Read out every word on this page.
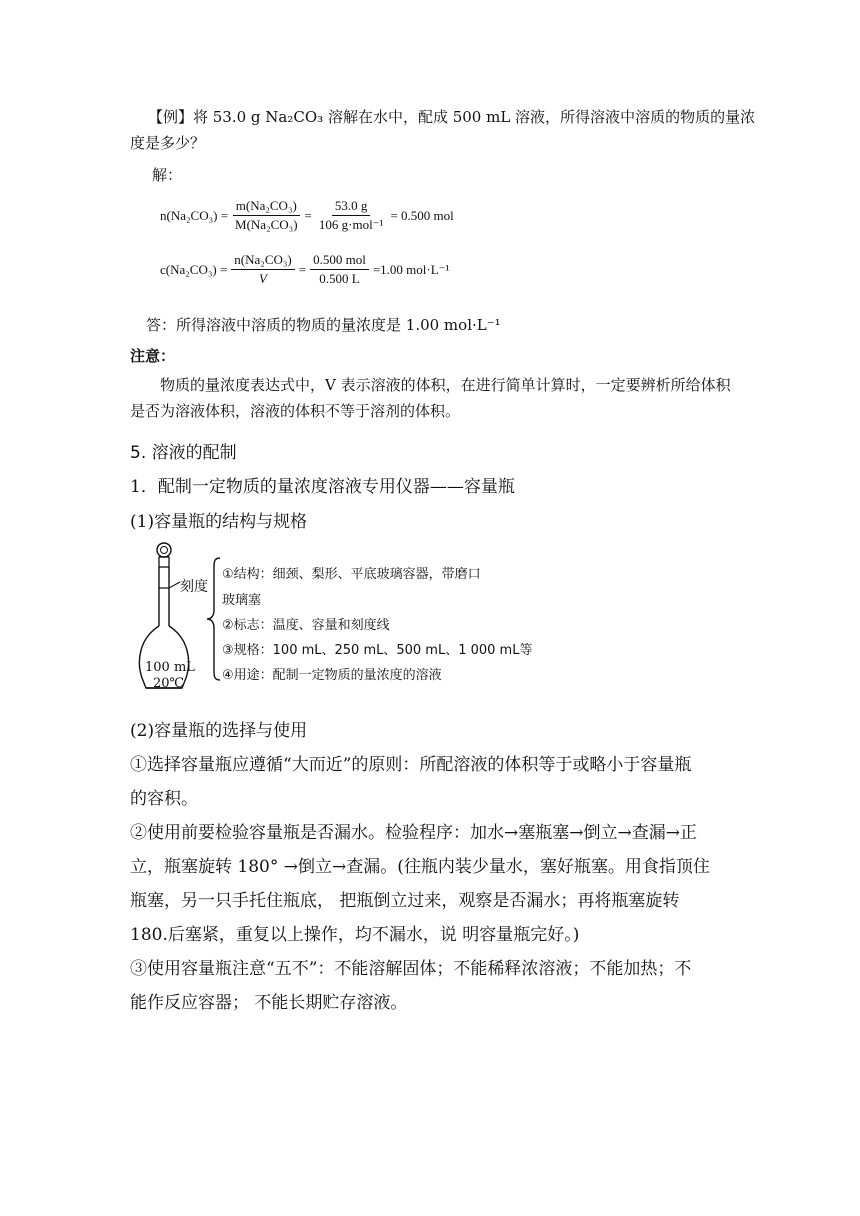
【例】将 53.0 g Na₂CO₃ 溶解在水中，配成 500 mL 溶液，所得溶液中溶质的物质的量浓
度是多少？
解：
$n(Na_2CO_3) = \frac{\text{m(Na₂CO₃)}}{\text{M(Na₂CO₃)}} = \frac{53.0 g}{\text{106 g·mol⁻¹}} = 0.500$ mol
$c(Na_2CO_3) = \frac{\text{n(Na₂CO₃)}}{V} = \frac{\text{0.500 mol}}{0.500 L} =1.00$ mol·L⁻¹
答：所得溶液中溶质的物质的量浓度是 1.00 mol·L⁻¹
注意：
物质的量浓度表达式中，V 表示溶液的体积，在进行简单计算时，一定要辨析所给体积
是否为溶液体积，溶液的体积不等于溶剂的体积。
5. 溶液的配制
1．配制一定物质的量浓度溶液专用仪器——容量瓶
(1)容量瓶的结构与规格
刻度
100 mL
20℃
①结构：细颈、梨形、平底玻璃容器，带磨口
玻璃塞
②标志：温度、容量和刻度线
③规格：100 mL、250 mL、500 mL、1 000 mL等
④用途：配制一定物质的量浓度的溶液
(2)容量瓶的选择与使用
①选择容量瓶应遵循“大而近”的原则：所配溶液的体积等于或略小于容量瓶
的容积。
②使用前要检验容量瓶是否漏水。检验程序：加水→塞瓶塞→倒立→查漏→正
立，瓶塞旋转 180° →倒立→查漏。(往瓶内装少量水，塞好瓶塞。用食指顶住
瓶塞，另一只手托住瓶底， 把瓶倒立过来，观察是否漏水；再将瓶塞旋转
180.后塞紧，重复以上操作，均不漏水，说 明容量瓶完好。)
③使用容量瓶注意“五不”：不能溶解固体；不能稀释浓溶液；不能加热；不
能作反应容器； 不能长期贮存溶液。
